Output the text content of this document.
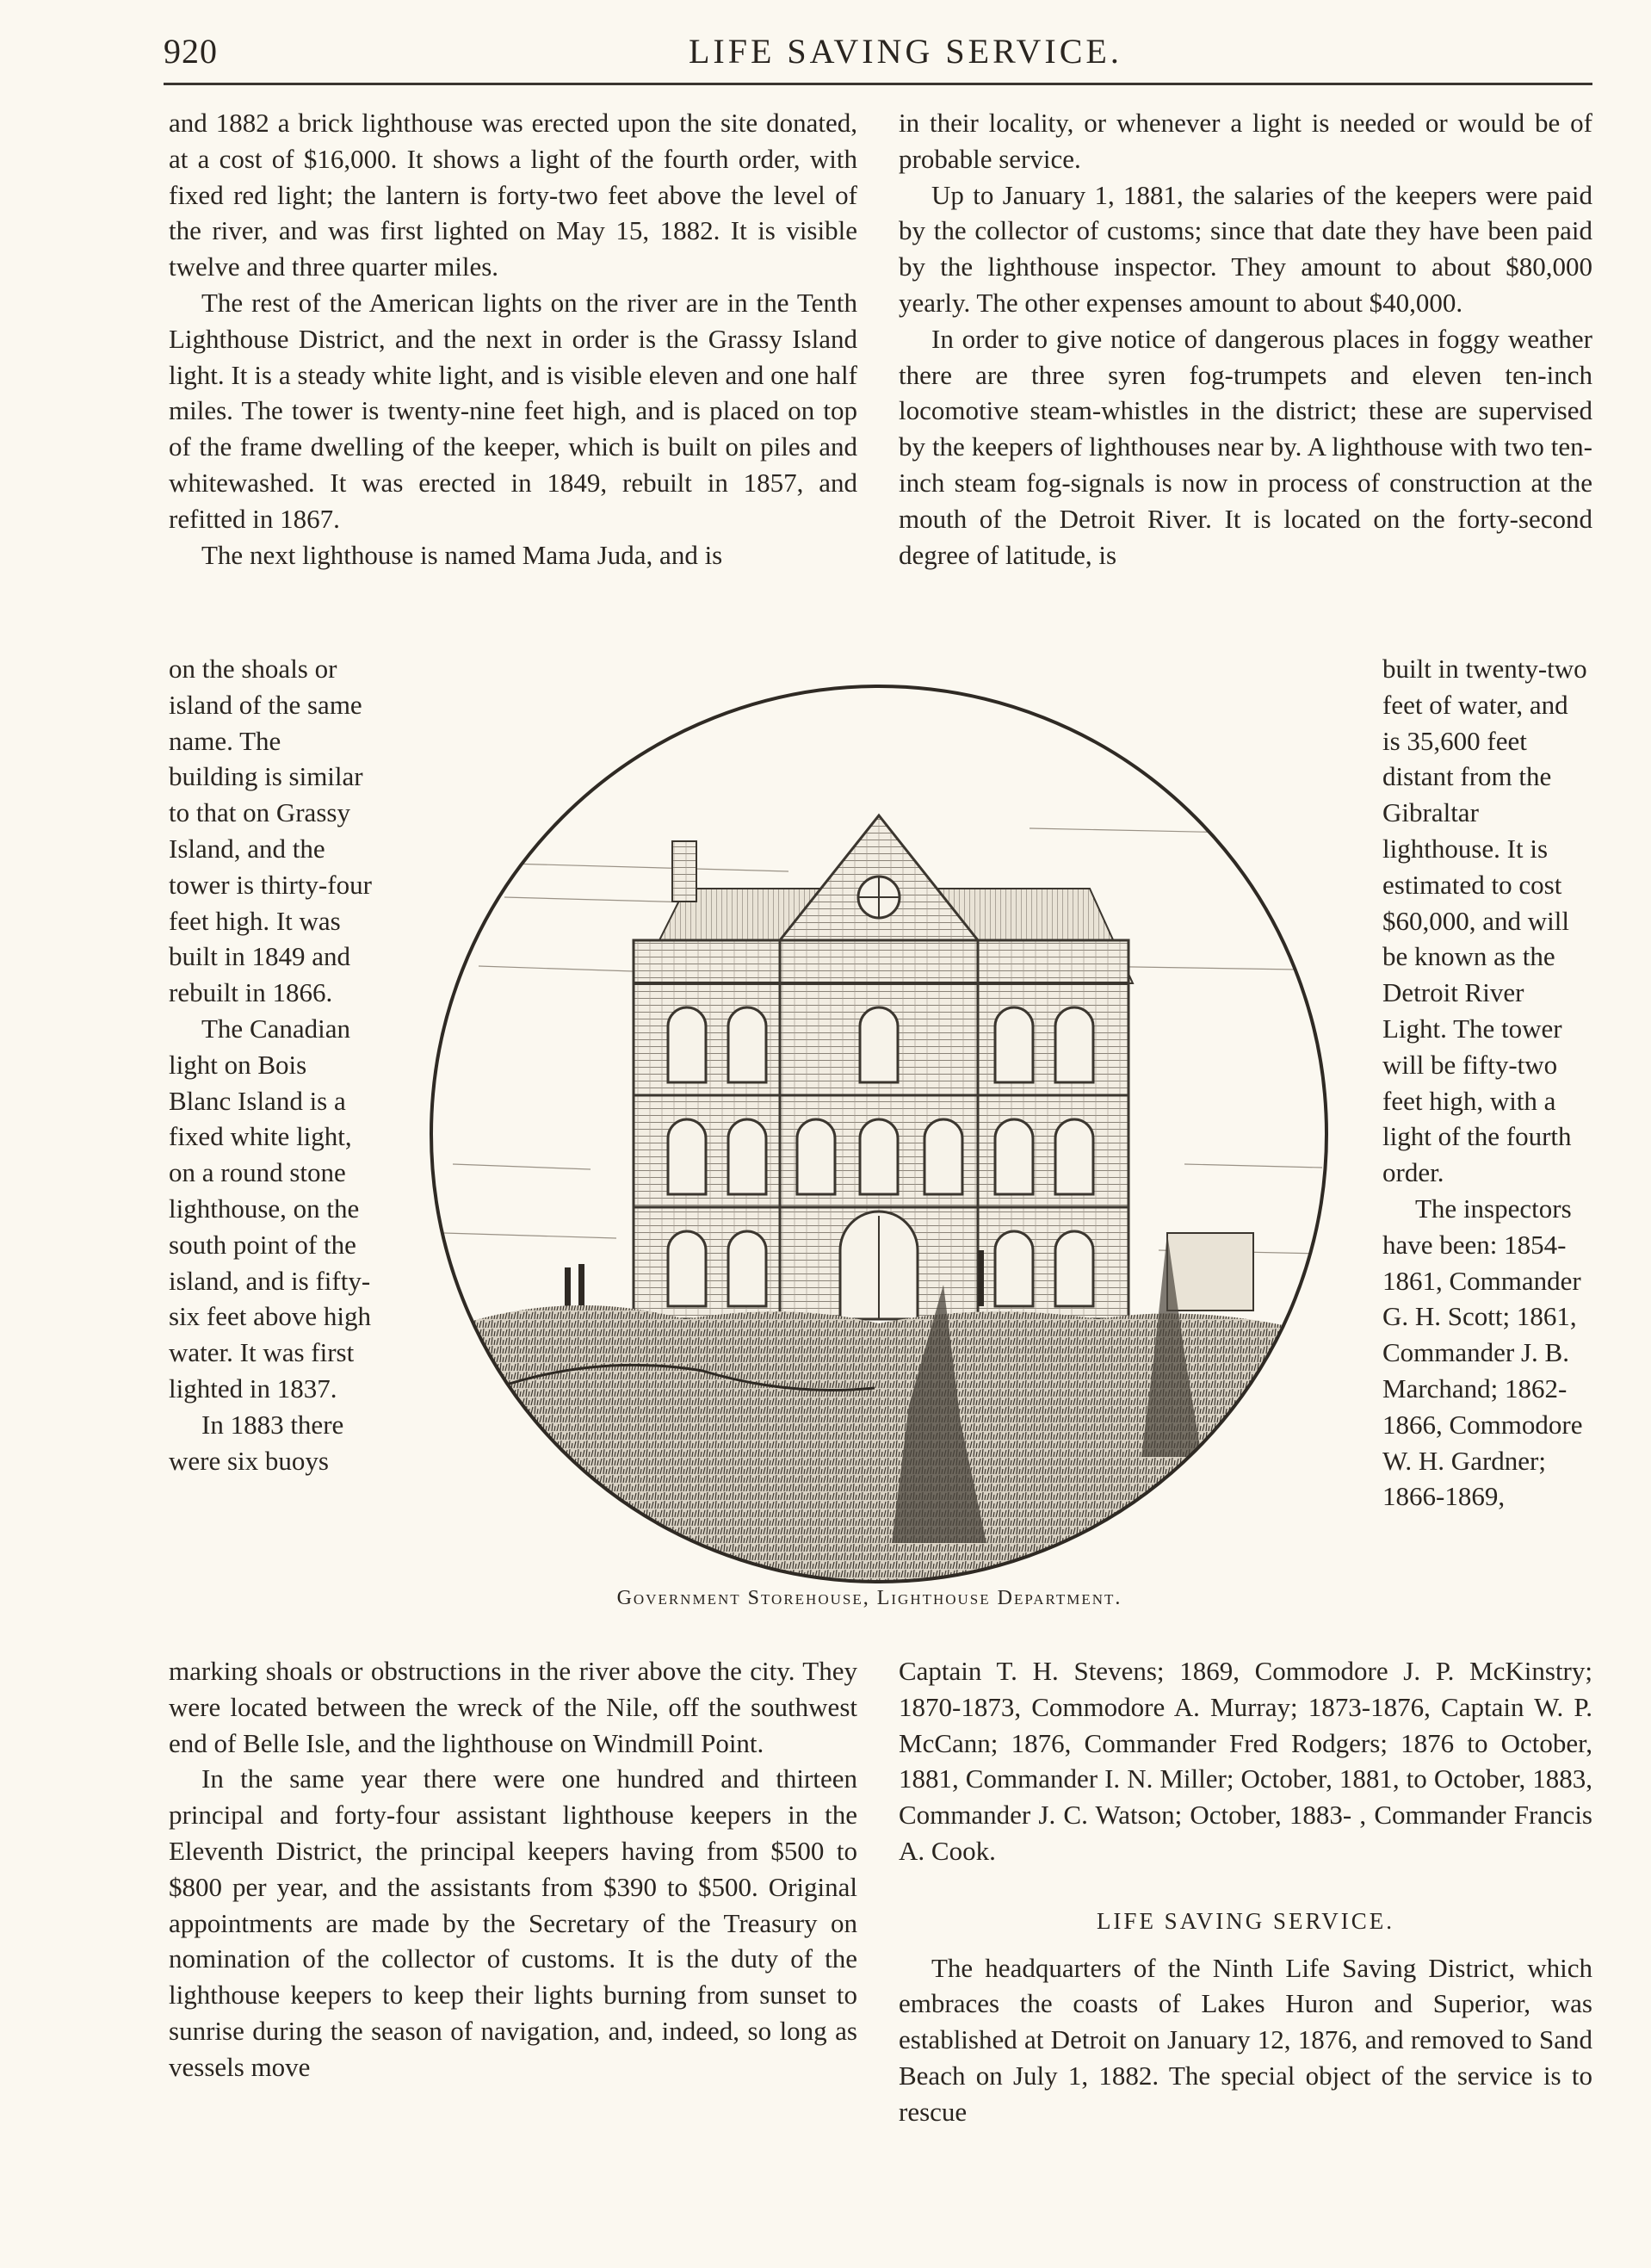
920	LIFE SAVING SERVICE.

and 1882 a brick lighthouse was erected upon the site donated, at a cost of $16,000. It shows a light of the fourth order, with fixed red light; the lantern is forty-two feet above the level of the river, and was first lighted on May 15, 1882. It is visible twelve and three quarter miles.

The rest of the American lights on the river are in the Tenth Lighthouse District, and the next in order is the Grassy Island light. It is a steady white light, and is visible eleven and one half miles. The tower is twenty-nine feet high, and is placed on top of the frame dwelling of the keeper, which is built on piles and whitewashed. It was erected in 1849, rebuilt in 1857, and refitted in 1867.

The next lighthouse is named Mama Juda, and is

in their locality, or whenever a light is needed or would be of probable service.

Up to January 1, 1881, the salaries of the keepers were paid by the collector of customs; since that date they have been paid by the lighthouse inspector. They amount to about $80,000 yearly. The other expenses amount to about $40,000.

In order to give notice of dangerous places in foggy weather there are three syren fog-trumpets and eleven ten-inch locomotive steam-whistles in the district; these are supervised by the keepers of lighthouses near by. A lighthouse with two ten-inch steam fog-signals is now in process of construction at the mouth of the Detroit River. It is located on the forty-second degree of latitude, is

on the shoals or island of the same name. The building is similar to that on Grassy Island, and the tower is thirty-four feet high. It was built in 1849 and rebuilt in 1866.

The Canadian light on Bois Blanc Island is a fixed white light, on a round stone lighthouse, on the south point of the island, and is fifty-six feet above high water. It was first lighted in 1837.

In 1883 there were six buoys

built in twenty-two feet of water, and is 35,600 feet distant from the Gibraltar lighthouse. It is estimated to cost $60,000, and will be known as the Detroit River Light. The tower will be fifty-two feet high, with a light of the fourth order.

The inspectors have been: 1854-1861, Commander G. H. Scott; 1861, Commander J. B. Marchand; 1862-1866, Commodore W. H. Gardner; 1866-1869,

Government Storehouse, Lighthouse Department.

marking shoals or obstructions in the river above the city. They were located between the wreck of the Nile, off the southwest end of Belle Isle, and the lighthouse on Windmill Point.

In the same year there were one hundred and thirteen principal and forty-four assistant lighthouse keepers in the Eleventh District, the principal keepers having from $500 to $800 per year, and the assistants from $390 to $500. Original appointments are made by the Secretary of the Treasury on nomination of the collector of customs. It is the duty of the lighthouse keepers to keep their lights burning from sunset to sunrise during the season of navigation, and, indeed, so long as vessels move

Captain T. H. Stevens; 1869, Commodore J. P. McKinstry; 1870-1873, Commodore A. Murray; 1873-1876, Captain W. P. McCann; 1876, Commander Fred Rodgers; 1876 to October, 1881, Commander I. N. Miller; October, 1881, to October, 1883, Commander J. C. Watson; October, 1883- , Commander Francis A. Cook.

LIFE SAVING SERVICE.

The headquarters of the Ninth Life Saving District, which embraces the coasts of Lakes Huron and Superior, was established at Detroit on January 12, 1876, and removed to Sand Beach on July 1, 1882. The special object of the service is to rescue
